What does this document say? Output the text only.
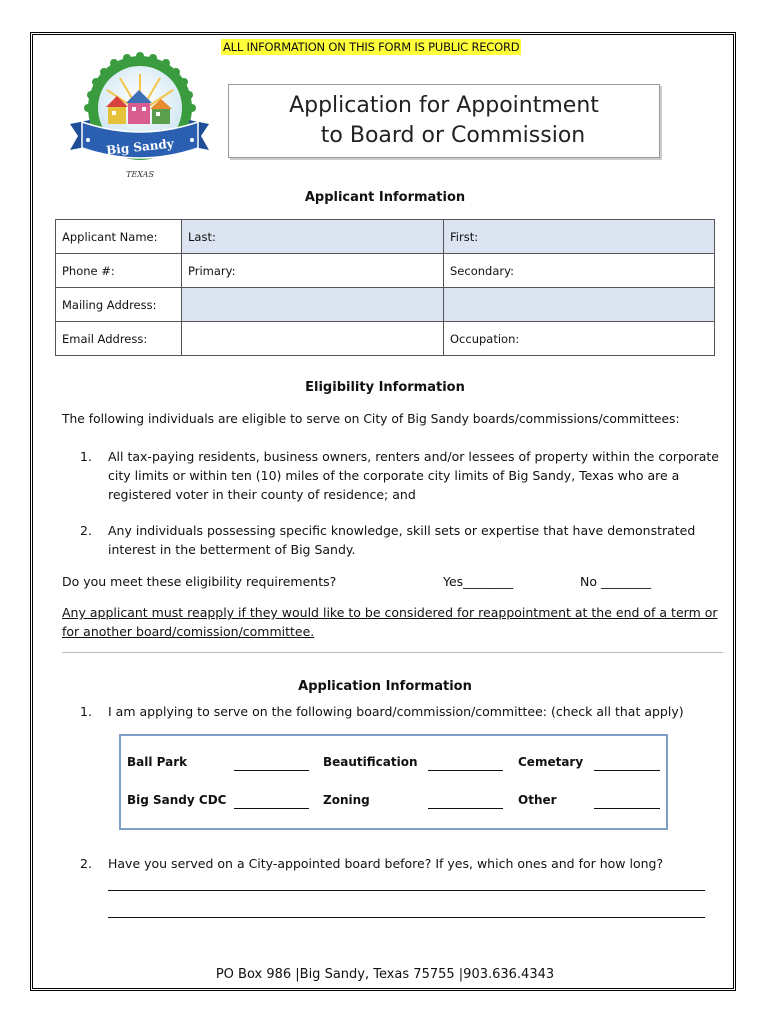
ALL INFORMATION ON THIS FORM IS PUBLIC RECORD
Big Sandy
TEXAS
Application for Appointment
to Board or Commission
Applicant Information
Applicant Name:	Last:	First:
Phone #:	Primary:	Secondary:
Mailing Address:		
Email Address:		Occupation:
Eligibility Information
The following individuals are eligible to serve on City of Big Sandy boards/commissions/committees:
1. All tax-paying residents, business owners, renters and/or lessees of property within the corporate city limits or within ten (10) miles of the corporate city limits of Big Sandy, Texas who are a registered voter in their county of residence; and
2. Any individuals possessing specific knowledge, skill sets or expertise that have demonstrated interest in the betterment of Big Sandy.
Do you meet these eligibility requirements?	Yes________	No ________
Any applicant must reapply if they would like to be considered for reappointment at the end of a term or for another board/comission/committee.
Application Information
1. I am applying to serve on the following board/commission/committee: (check all that apply)
Ball Park	Beautification	Cemetary
Big Sandy CDC	Zoning	Other
2. Have you served on a City-appointed board before? If yes, which ones and for how long?
PO Box 986 |Big Sandy, Texas 75755 |903.636.4343
